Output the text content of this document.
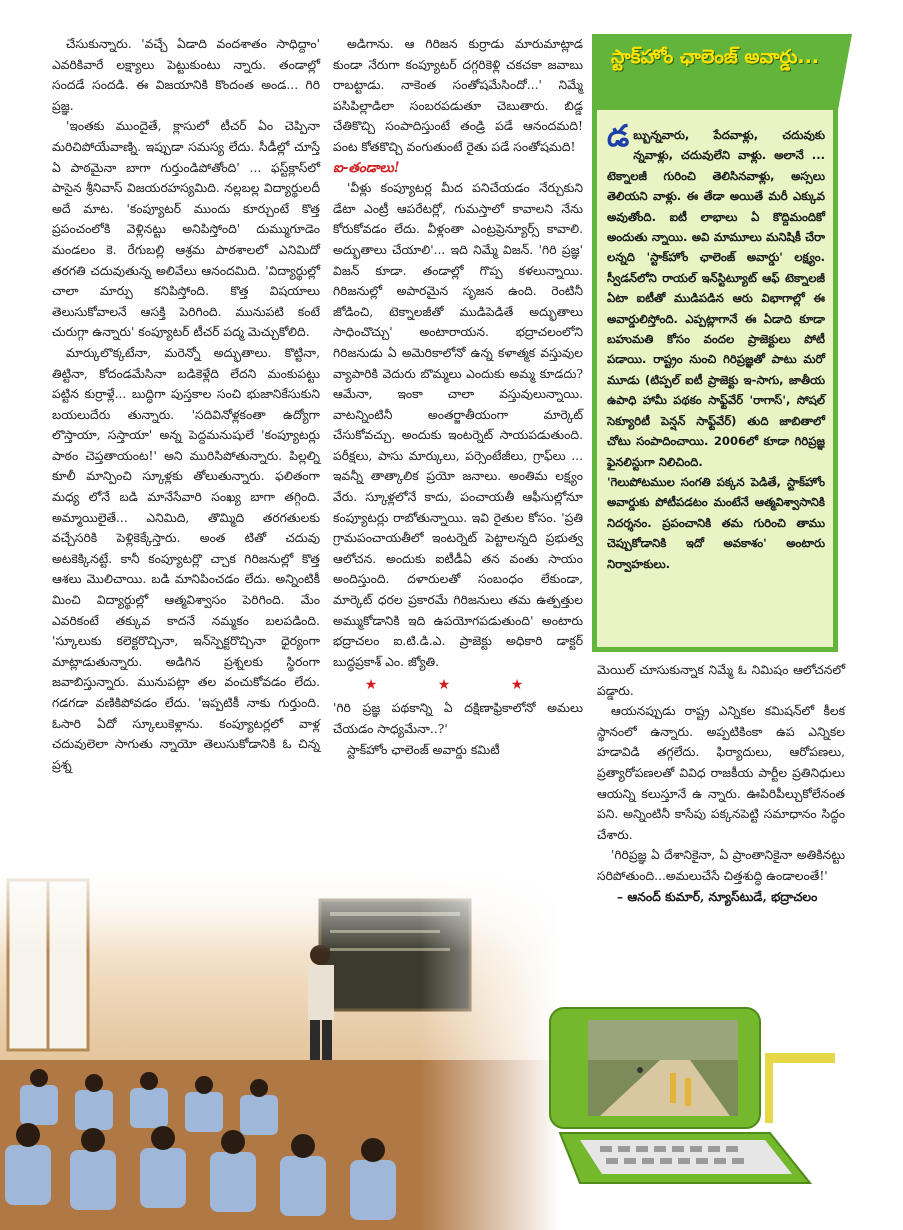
చేసుకున్నారు. 'వచ్చే ఏడాది వందశాతం సాధిద్దాం' ఎవరికివారే లక్ష్యాలు పెట్టుకుంటు న్నారు. తండాల్లో సందడే సందడి. ఈ విజయానికి కొందంత అండ... గిరి ప్రజ్ఞ.

'ఇంతకు ముందైతే, క్లాసులో టీచర్ ఏం చెప్పినా మరిచిపోయేవాణ్ని. ఇప్పుడా సమస్య లేదు. సీడీల్లో చూస్తే ఏ పాఠమైనా బాగా గుర్తుండిపోతోంది' ... ఫస్ట్‌క్లాస్‌లో పాసైన శ్రీనివాస్ విజయరహస్యమిది. నల్లబల్ల విద్యార్థులదీ అదే మాట. 'కంప్యూటర్ ముందు కూర్చుంటే కొత్త ప్రపంచంలోకి వెళ్లినట్టు అనిపిస్తోంది' దుమ్ముగూడెం మండలం కె. రేగుబల్లి ఆశ్రమ పాఠశాలలో ఎనిమిదో తరగతి చదువుతున్న అలివేలు ఆనందమిది. 'విద్యార్థుల్లో చాలా మార్పు కనిపిస్తోంది. కొత్త విషయాలు తెలుసుకోవాలనే ఆసక్తి పెరిగింది. మునుపటి కంటే చురుగ్గా ఉన్నారు' కంప్యూటర్ టీచర్ పద్మ మెచ్చుకోలిది.

మార్కులొక్కటేనా, మరెన్నో అద్భుతాలు. కొట్టినా, తిట్టినా, కోదండమేసినా బడికెళ్లేది లేదని మంకుపట్టు పట్టిన కుర్రాళ్లే... బుద్ధిగా పుస్తకాల సంచి భుజానికేసుకుని బయలుదేరు తున్నారు. 'సదివినోళ్లకంతా ఉద్యోగా లొస్తాయా, సస్తాయా' అన్న పెద్దమనుషులే 'కంప్యూటర్లు పాఠం చెప్తతాయంట!' అని మురిసిపోతున్నారు. పిల్లల్ని కూలీ మాన్పించి స్కూళ్లకు తోలుతున్నారు. ఫలితంగా మధ్య లోనే బడి మానేసేవారి సంఖ్య బాగా తగ్గింది. అమ్మాయిలైతే... ఎనిమిది, తొమ్మిది తరగతులకు వచ్చేసరికి పెళ్లికెక్కేస్తారు. అంత టితో చదువు అటకెక్కినట్టే. కానీ కంప్యూటర్లొ చ్చాక గిరిజనుల్లో కొత్త ఆశలు మొలిచాయి. బడి మానిపించడం లేదు. అన్నింటికీ మించి విద్యార్థుల్లో ఆత్మవిశ్వాసం పెరిగింది. మేం ఎవరికంటే తక్కువ కాదనే నమ్మకం బలపడింది. 'స్కూలుకు కలెక్టరొచ్చినా, ఇన్‌స్పెక్టరొచ్చినా ధైర్యంగా మాట్లాడుతున్నారు. అడిగిన ప్రశ్నలకు స్థిరంగా జవాబిస్తున్నారు. మునుపట్లా తల వంచుకోవడం లేదు. గడగడా వణికిపోవడం లేదు. 'ఇప్పటికీ నాకు గుర్తుంది. ఓసారి ఏదో స్కూలుకెళ్లాను. కంప్యూటర్లలో వాళ్ల చదువులెలా సాగుతు న్నాయో తెలుసుకోడానికి ఓ చిన్న ప్రశ్న

అడిగాను. ఆ గిరిజన కుర్రాడు మారుమాట్లాడ కుండా నేరుగా కంప్యూటర్ దగ్గరికెళ్లి చకచకా జవాబు రాబట్టాడు. నాకెంత సంతోషమేసిందో...' నిమ్మే పసిపిల్లాడిలా సంబరపడుతూ చెబుతారు. బిడ్డ చేతికొచ్చి సంపాదిస్తుంటే తండ్రి పడే ఆనందమది! పంట కోతకొచ్చి వంగుతుంటే రైతు పడే సంతోషమది!

ఐ-తండాలు!

'వీళ్లు కంప్యూటర్ల మీద పనిచేయడం నేర్చుకుని డేటా ఎంట్రీ ఆపరేటర్లో, గుమస్తాలో కావాలని నేను కోరుకోవడం లేదు. వీళ్లంతా ఎంట్రప్రెన్యూర్స్ కావాలి. అద్భుతాలు చేయాలి'... ఇది నిమ్మే విజన్. 'గిరి ప్రజ్ఞ' విజన్ కూడా. తండాల్లో గొప్ప కళలున్నాయి. గిరిజనుల్లో అపారమైన సృజన ఉంది. రెంటినీ జోడించి, టెక్నాలజీతో ముడిపెడితే అద్భుతాలు సాధించొచ్చు' అంటారాయన. భద్రాచలంలోని గిరిజనుడు ఏ అమెరికాలోనో ఉన్న కళాత్మక వస్తువుల వ్యాపారికి వెదురు బొమ్మలు ఎందుకు అమ్మ కూడదు? ఆమేనా, ఇంకా చాలా వస్తువులున్నాయి. వాటన్నింటినీ అంతర్జాతీయంగా మార్కెట్ చేసుకోవచ్చు. అందుకు ఇంటర్నెట్ సాయపడుతుంది. పరీక్షలు, పాసు మార్కులు, పర్సెంటేజీలు, గ్రాఫ్‌లు ... ఇవన్నీ తాత్కాలిక ప్రయో జనాలు. అంతిమ లక్ష్యం వేరు. స్కూళ్లలోనే కాదు, పంచాయతీ ఆఫీసుల్లోనూ కంప్యూటర్లు రాబోతున్నాయి. ఇవి రైతుల కోసం. 'ప్రతి గ్రామపంచాయతీలో ఇంటర్నెట్ పెట్టాలన్నది ప్రభుత్వ ఆలోచన. అందుకు ఐటీడీఏ తన వంతు సాయం అందిస్తుంది. దళారులతో సంబంధం లేకుండా, మార్కెట్ ధరల ప్రకారమే గిరిజనులు తమ ఉత్పత్తుల అమ్ముకోడానికి ఇది ఉపయోగపడుతుంది' అంటారు భద్రాచలం ఐ.టి.డి.ఎ. ప్రాజెక్టు అధికారి డాక్టర్ బుద్ధప్రకాశ్ ఎం. జ్యోతి.

★ ★ ★

'గిరి ప్రజ్ఞ పథకాన్ని ఏ దక్షిణాఫ్రికాలోనో అమలు చేయడం సాధ్యమేనా..?'

స్టాక్‌హోం ఛాలెంజ్ అవార్డు కమిటీ

స్టాక్‌హోం ఛాలెంజ్ అవార్డు...

డబ్బున్నవారు, పేదవాళ్లు, చదువుకు న్నవాళ్లు, చదువులేని వాళ్లు. అలానే ... టెక్నాలజీ గురించి తెలిసినవాళ్లు, అస్సలు తెలియని వాళ్లు. ఈ తేడా అయితే మరీ ఎక్కువ అవుతోంది. ఐటీ లాభాలు ఏ కొద్దిమందికో అందుతు న్నాయి. అవి మామూలు మనిషికీ చేరా లన్నది 'స్టాక్‌హోం ఛాలెంజ్ అవార్డు' లక్ష్యం. స్వీడన్‌లోని రాయల్ ఇన్‌స్టిట్యూట్ ఆఫ్ టెక్నాలజీ ఏటా ఐటీతో ముడిపడిన ఆరు విభాగాల్లో ఈ అవార్డులిస్తోంది. ఎప్పట్లాగానే ఈ ఏడాది కూడా బహుమతి కోసం వందల ప్రాజెక్టులు పోటీ పడాయి. రాష్ట్రం నుంచి గిరిప్రజ్ఞతో పాటు మరో మూడు (టిప్పల్ ఐటీ ప్రాజెక్టు ఇ-సాగు, జాతీయ ఉపాధి హామీ పథకం సాఫ్ట్‌వేర్ 'రాగాస్', సోషల్ సెక్యూరిటీ పెన్షన్ సాఫ్ట్‌వేర్) తుది జాబితాలో చోటు సంపాదించాయి. 2006లో కూడా గిరిప్రజ్ఞ ఫైనలిస్టుగా నిలిచింది.

'గెలుపోటముల సంగతి పక్కన పెడితే, స్టాక్‌హోం అవార్డుకు పోటీపడటం మంటేనే ఆత్మవిశ్వాసానికి నిదర్శనం. ప్రపంచానికి తమ గురించి తాము చెప్పుకోడానికి ఇదో అవకాశం' అంటారు నిర్వాహకులు.

మెయిల్ చూసుకున్నాక నిమ్మే ఓ నిమిషం ఆలోచనలో పడ్డారు.

ఆయనప్పుడు రాష్ట్ర ఎన్నికల కమిషన్‌లో కీలక స్థానంలో ఉన్నారు. అప్పటికింకా ఉప ఎన్నికల హడావిడి తగ్గలేదు. ఫిర్యాదులు, ఆరోపణలు, ప్రత్యారోపణలతో వివిధ రాజకీయ పార్టీల ప్రతినిధులు ఆయన్ని కలుస్తూనే ఉ న్నారు. ఊపిరిపీల్చుకోలేనంత పని. అన్నింటినీ కాసేపు పక్కనపెట్టి సమాధానం సిద్ధం చేశారు.

'గిరిప్రజ్ఞ ఏ దేశానికైనా, ఏ ప్రాంతానికైనా అతికినట్టు సరిపోతుంది...అమలుచేసే చిత్తశుద్ధి ఉండాలంతే!'

– ఆనంద్ కుమార్, న్యూస్‌టుడే, భద్రాచలం
